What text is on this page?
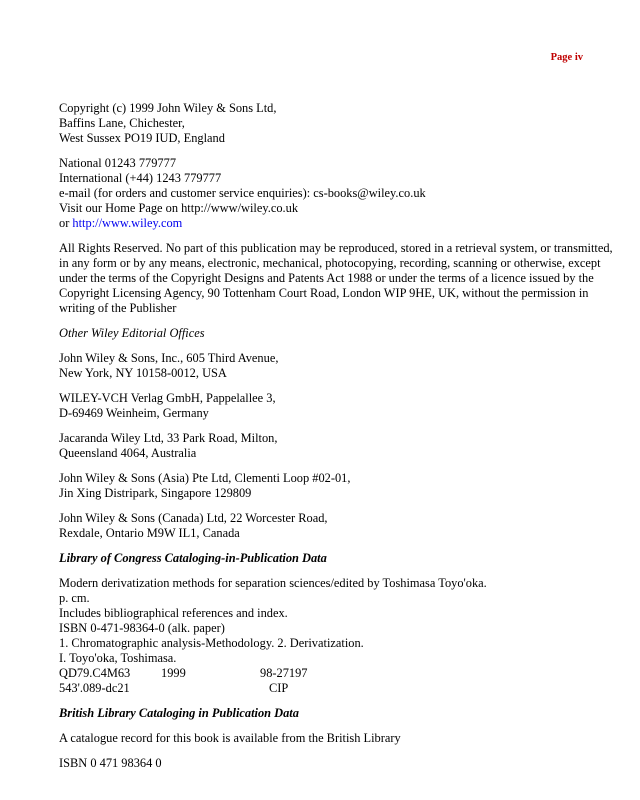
Page iv
Copyright (c) 1999 John Wiley & Sons Ltd,
Baffins Lane, Chichester,
West Sussex PO19 IUD, England
National 01243 779777
International (+44) 1243 779777
e-mail (for orders and customer service enquiries): cs-books@wiley.co.uk
Visit our Home Page on http://www/wiley.co.uk
or http://www.wiley.com
All Rights Reserved. No part of this publication may be reproduced, stored in a retrieval system, or transmitted, in any form or by any means, electronic, mechanical, photocopying, recording, scanning or otherwise, except under the terms of the Copyright Designs and Patents Act 1988 or under the terms of a licence issued by the Copyright Licensing Agency, 90 Tottenham Court Road, London WIP 9HE, UK, without the permission in writing of the Publisher
Other Wiley Editorial Offices
John Wiley & Sons, Inc., 605 Third Avenue,
New York, NY 10158-0012, USA
WILEY-VCH Verlag GmbH, Pappelallee 3,
D-69469 Weinheim, Germany
Jacaranda Wiley Ltd, 33 Park Road, Milton,
Queensland 4064, Australia
John Wiley & Sons (Asia) Pte Ltd, Clementi Loop #02-01,
Jin Xing Distripark, Singapore 129809
John Wiley & Sons (Canada) Ltd, 22 Worcester Road,
Rexdale, Ontario M9W IL1, Canada
Library of Congress Cataloging-in-Publication Data
Modern derivatization methods for separation sciences/edited by Toshimasa Toyo'oka.
p. cm.
Includes bibliographical references and index.
ISBN 0-471-98364-0 (alk. paper)
1. Chromatographic analysis-Methodology. 2. Derivatization.
I. Toyo'oka, Toshimasa.
QD79.C4M63	1999	98-27197
543'.089-dc21	CIP
British Library Cataloging in Publication Data
A catalogue record for this book is available from the British Library
ISBN 0 471 98364 0
